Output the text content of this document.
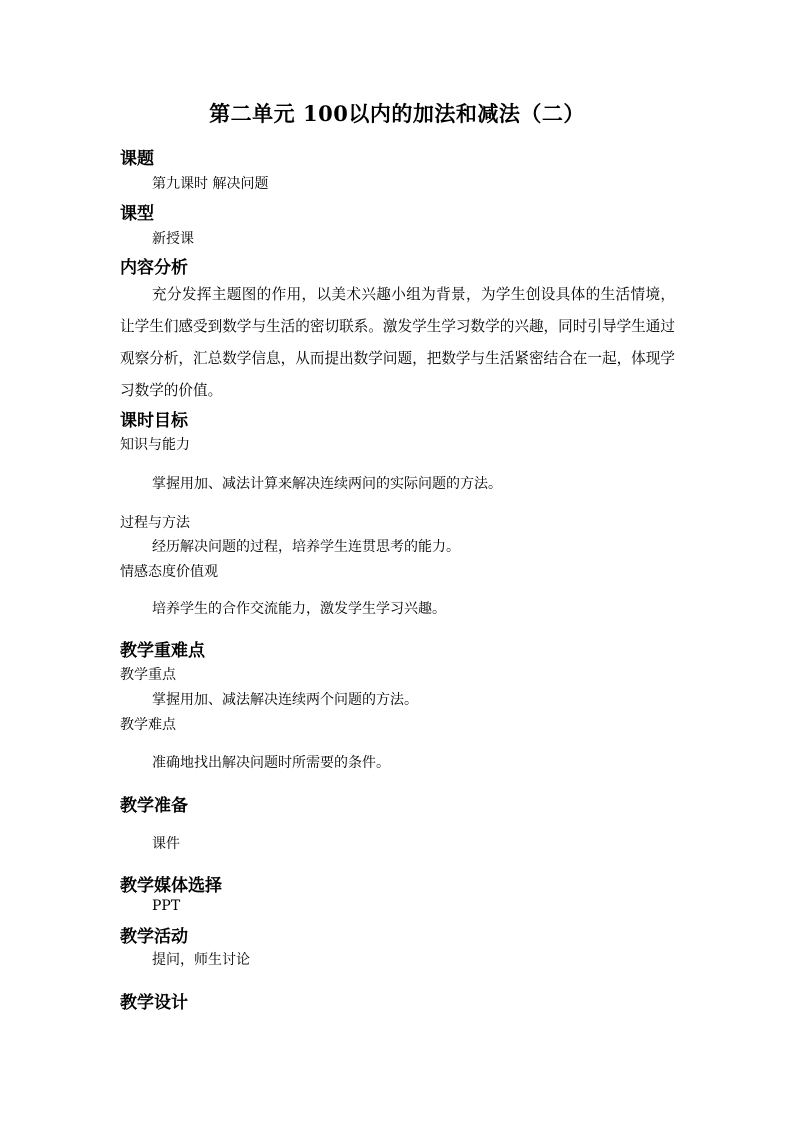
第二单元 100以内的加法和减法（二）
课题
第九课时 解决问题
课型
新授课
内容分析

充分发挥主题图的作用，以美术兴趣小组为背景，为学生创设具体的生活情境，让学生们感受到数学与生活的密切联系。激发学生学习数学的兴趣，同时引导学生通过观察分析，汇总数学信息，从而提出数学问题，把数学与生活紧密结合在一起，体现学习数学的价值。

课时目标
知识与能力
掌握用加、减法计算来解决连续两问的实际问题的方法。
过程与方法
经历解决问题的过程，培养学生连贯思考的能力。
情感态度价值观
培养学生的合作交流能力，激发学生学习兴趣。
教学重难点
教学重点
掌握用加、减法解决连续两个问题的方法。
教学难点
准确地找出解决问题时所需要的条件。
教学准备
课件
教学媒体选择
PPT
教学活动
提问，师生讨论
教学设计
